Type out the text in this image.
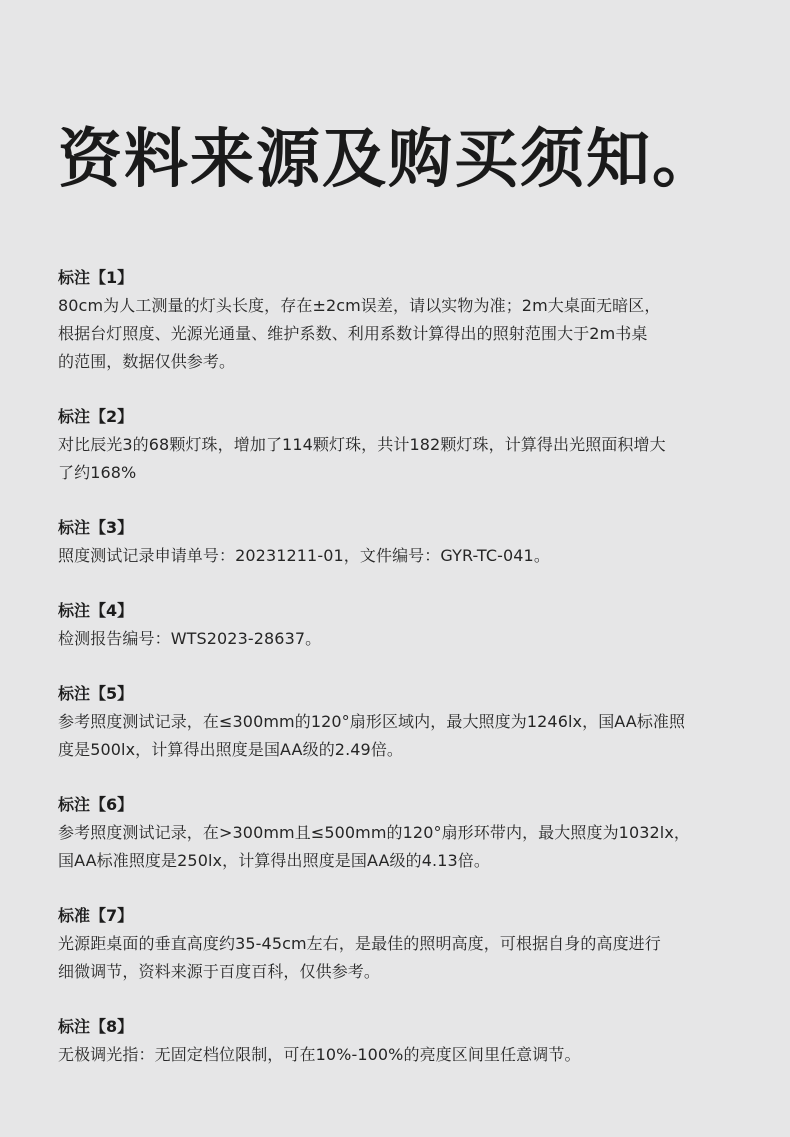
资料来源及购买须知。
标注【1】
80cm为人工测量的灯头长度，存在±2cm误差，请以实物为准；2m大桌面无暗区，
根据台灯照度、光源光通量、维护系数、利用系数计算得出的照射范围大于2m书桌
的范围，数据仅供参考。
标注【2】
对比辰光3的68颗灯珠，增加了114颗灯珠，共计182颗灯珠，计算得出光照面积增大
了约168%
标注【3】
照度测试记录申请单号：20231211-01，文件编号：GYR-TC-041。
标注【4】
检测报告编号：WTS2023-28637。
标注【5】
参考照度测试记录，在≤300mm的120°扇形区域内，最大照度为1246lx，国AA标准照
度是500lx，计算得出照度是国AA级的2.49倍。
标注【6】
参考照度测试记录，在>300mm且≤500mm的120°扇形环带内，最大照度为1032lx，
国AA标准照度是250lx，计算得出照度是国AA级的4.13倍。
标准【7】
光源距桌面的垂直高度约35-45cm左右，是最佳的照明高度，可根据自身的高度进行
细微调节，资料来源于百度百科，仅供参考。
标注【8】
无极调光指：无固定档位限制，可在10%-100%的亮度区间里任意调节。
